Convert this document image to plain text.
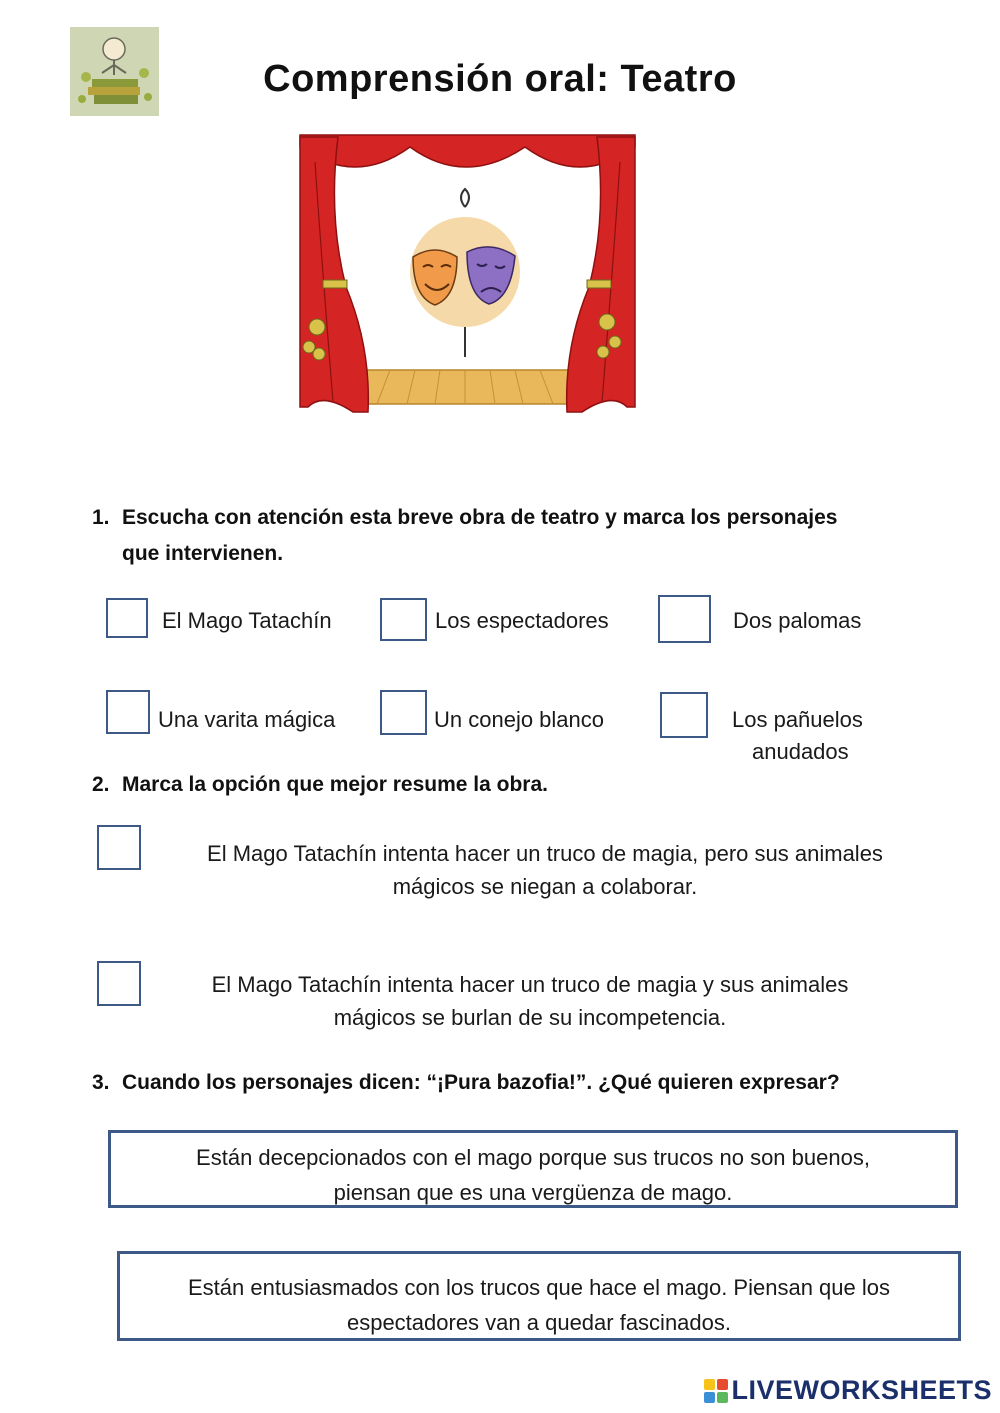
Comprensión oral: Teatro
1. Escucha con atención esta breve obra de teatro y marca los personajes
que intervienen.
El Mago Tatachín	Los espectadores	Dos palomas
Una varita mágica	Un conejo blanco	Los pañuelos
anudados
2. Marca la opción que mejor resume la obra.
El Mago Tatachín intenta hacer un truco de magia, pero sus animales
mágicos se niegan a colaborar.
El Mago Tatachín intenta hacer un truco de magia y sus animales
mágicos se burlan de su incompetencia.
3. Cuando los personajes dicen: “¡Pura bazofia!”. ¿Qué quieren expresar?
Están decepcionados con el mago porque sus trucos no son buenos,
piensan que es una vergüenza de mago.
Están entusiasmados con los trucos que hace el mago. Piensan que los
espectadores van a quedar fascinados.
LIVEWORKSHEETS
